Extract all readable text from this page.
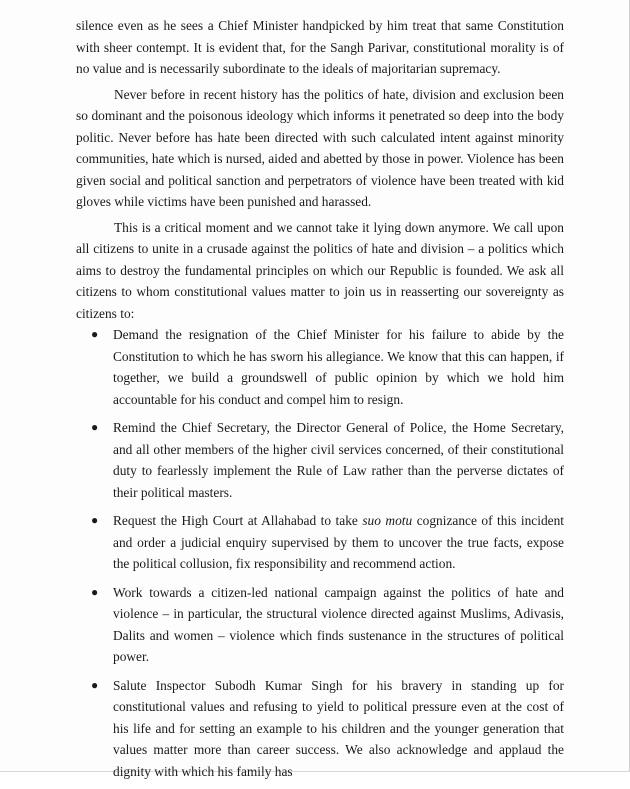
silence even as he sees a Chief Minister handpicked by him treat that same Constitution with sheer contempt. It is evident that, for the Sangh Parivar, constitutional morality is of no value and is necessarily subordinate to the ideals of majoritarian supremacy.

Never before in recent history has the politics of hate, division and exclusion been so dominant and the poisonous ideology which informs it penetrated so deep into the body politic. Never before has hate been directed with such calculated intent against minority communities, hate which is nursed, aided and abetted by those in power. Violence has been given social and political sanction and perpetrators of violence have been treated with kid gloves while victims have been punished and harassed.

This is a critical moment and we cannot take it lying down anymore. We call upon all citizens to unite in a crusade against the politics of hate and division – a politics which aims to destroy the fundamental principles on which our Republic is founded. We ask all citizens to whom constitutional values matter to join us in reasserting our sovereignty as citizens to:

● Demand the resignation of the Chief Minister for his failure to abide by the Constitution to which he has sworn his allegiance. We know that this can happen, if together, we build a groundswell of public opinion by which we hold him accountable for his conduct and compel him to resign.
● Remind the Chief Secretary, the Director General of Police, the Home Secretary, and all other members of the higher civil services concerned, of their constitutional duty to fearlessly implement the Rule of Law rather than the perverse dictates of their political masters.
● Request the High Court at Allahabad to take suo motu cognizance of this incident and order a judicial enquiry supervised by them to uncover the true facts, expose the political collusion, fix responsibility and recommend action.
● Work towards a citizen-led national campaign against the politics of hate and violence – in particular, the structural violence directed against Muslims, Adivasis, Dalits and women – violence which finds sustenance in the structures of political power.
● Salute Inspector Subodh Kumar Singh for his bravery in standing up for constitutional values and refusing to yield to political pressure even at the cost of his life and for setting an example to his children and the younger generation that values matter more than career success. We also acknowledge and applaud the dignity with which his family has
